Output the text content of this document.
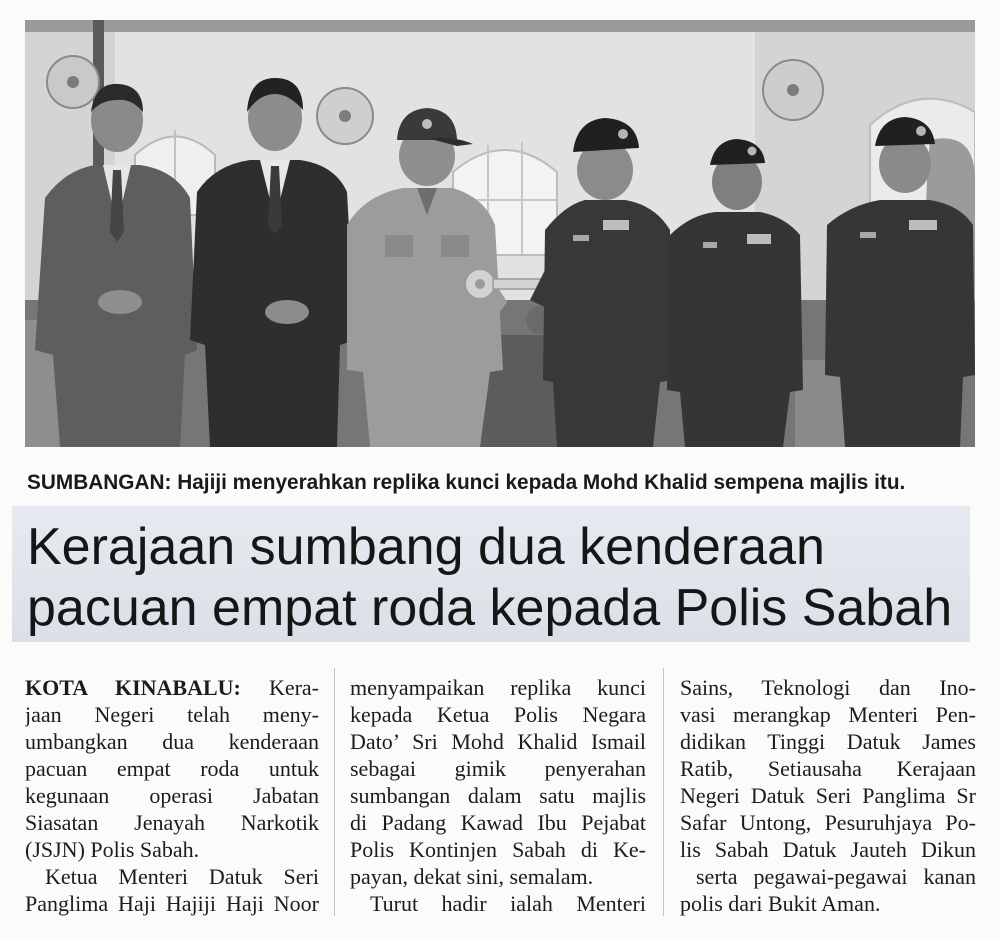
SUMBANGAN: Hajiji menyerahkan replika kunci kepada Mohd Khalid sempena majlis itu.
Kerajaan sumbang dua kenderaan
pacuan empat roda kepada Polis Sabah
KOTA KINABALU: Kera-
jaan Negeri telah meny-
umbangkan dua kenderaan
pacuan empat roda untuk
kegunaan operasi Jabatan
Siasatan Jenayah Narkotik
(JSJN) Polis Sabah.
Ketua Menteri Datuk Seri
Panglima Haji Hajiji Haji Noor
menyampaikan replika kunci
kepada Ketua Polis Negara
Dato’ Sri Mohd Khalid Ismail
sebagai gimik penyerahan
sumbangan dalam satu majlis
di Padang Kawad Ibu Pejabat
Polis Kontinjen Sabah di Ke-
payan, dekat sini, semalam.
Turut hadir ialah Menteri
Sains, Teknologi dan Ino-
vasi merangkap Menteri Pen-
didikan Tinggi Datuk James
Ratib, Setiausaha Kerajaan
Negeri Datuk Seri Panglima Sr
Safar Untong, Pesuruhjaya Po-
lis Sabah Datuk Jauteh Dikun
serta pegawai-pegawai kanan
polis dari Bukit Aman.
